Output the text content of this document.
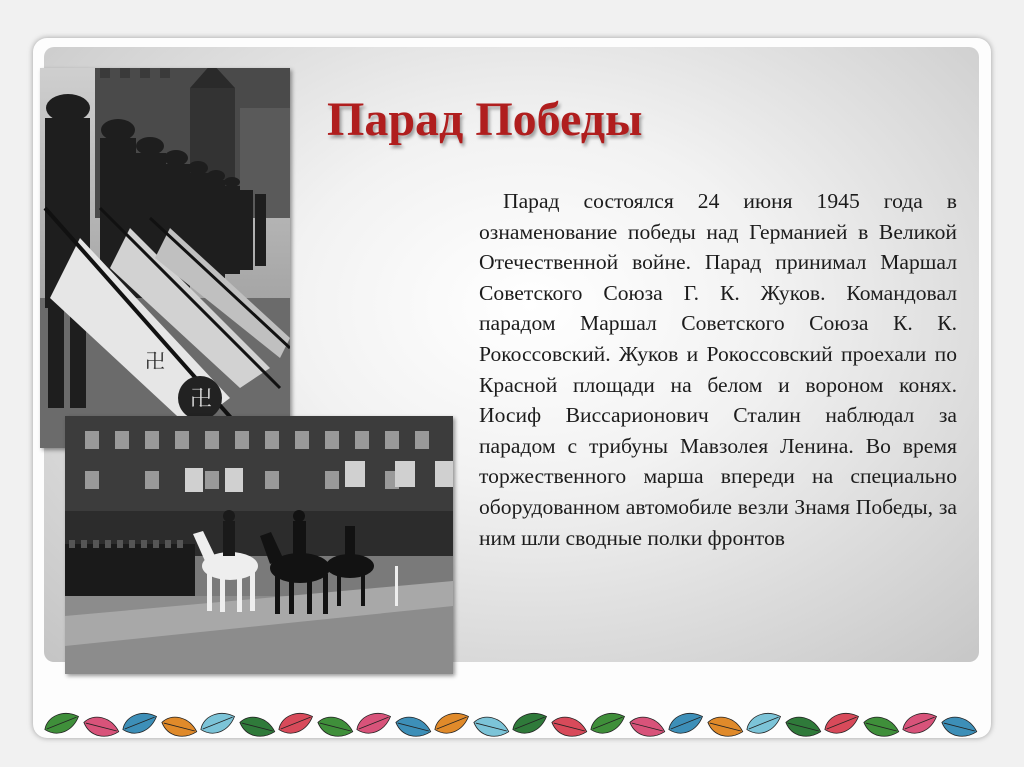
卍
卍
Парад Победы

Парад состоялся 24 июня 1945 года в ознаменование победы над Германией в Великой Отечественной войне. Парад принимал Маршал Советского Союза Г. К. Жуков. Командовал парадом Маршал Советского Союза К. К. Рокоссовский. Жуков и Рокоссовский проехали по Красной площади на белом и вороном конях. Иосиф Виссарионович Сталин наблюдал за парадом с трибуны Мавзолея Ленина. Во время торжественного марша впереди на специально оборудованном автомобиле везли Знамя Победы, за ним шли сводные полки фронтов
